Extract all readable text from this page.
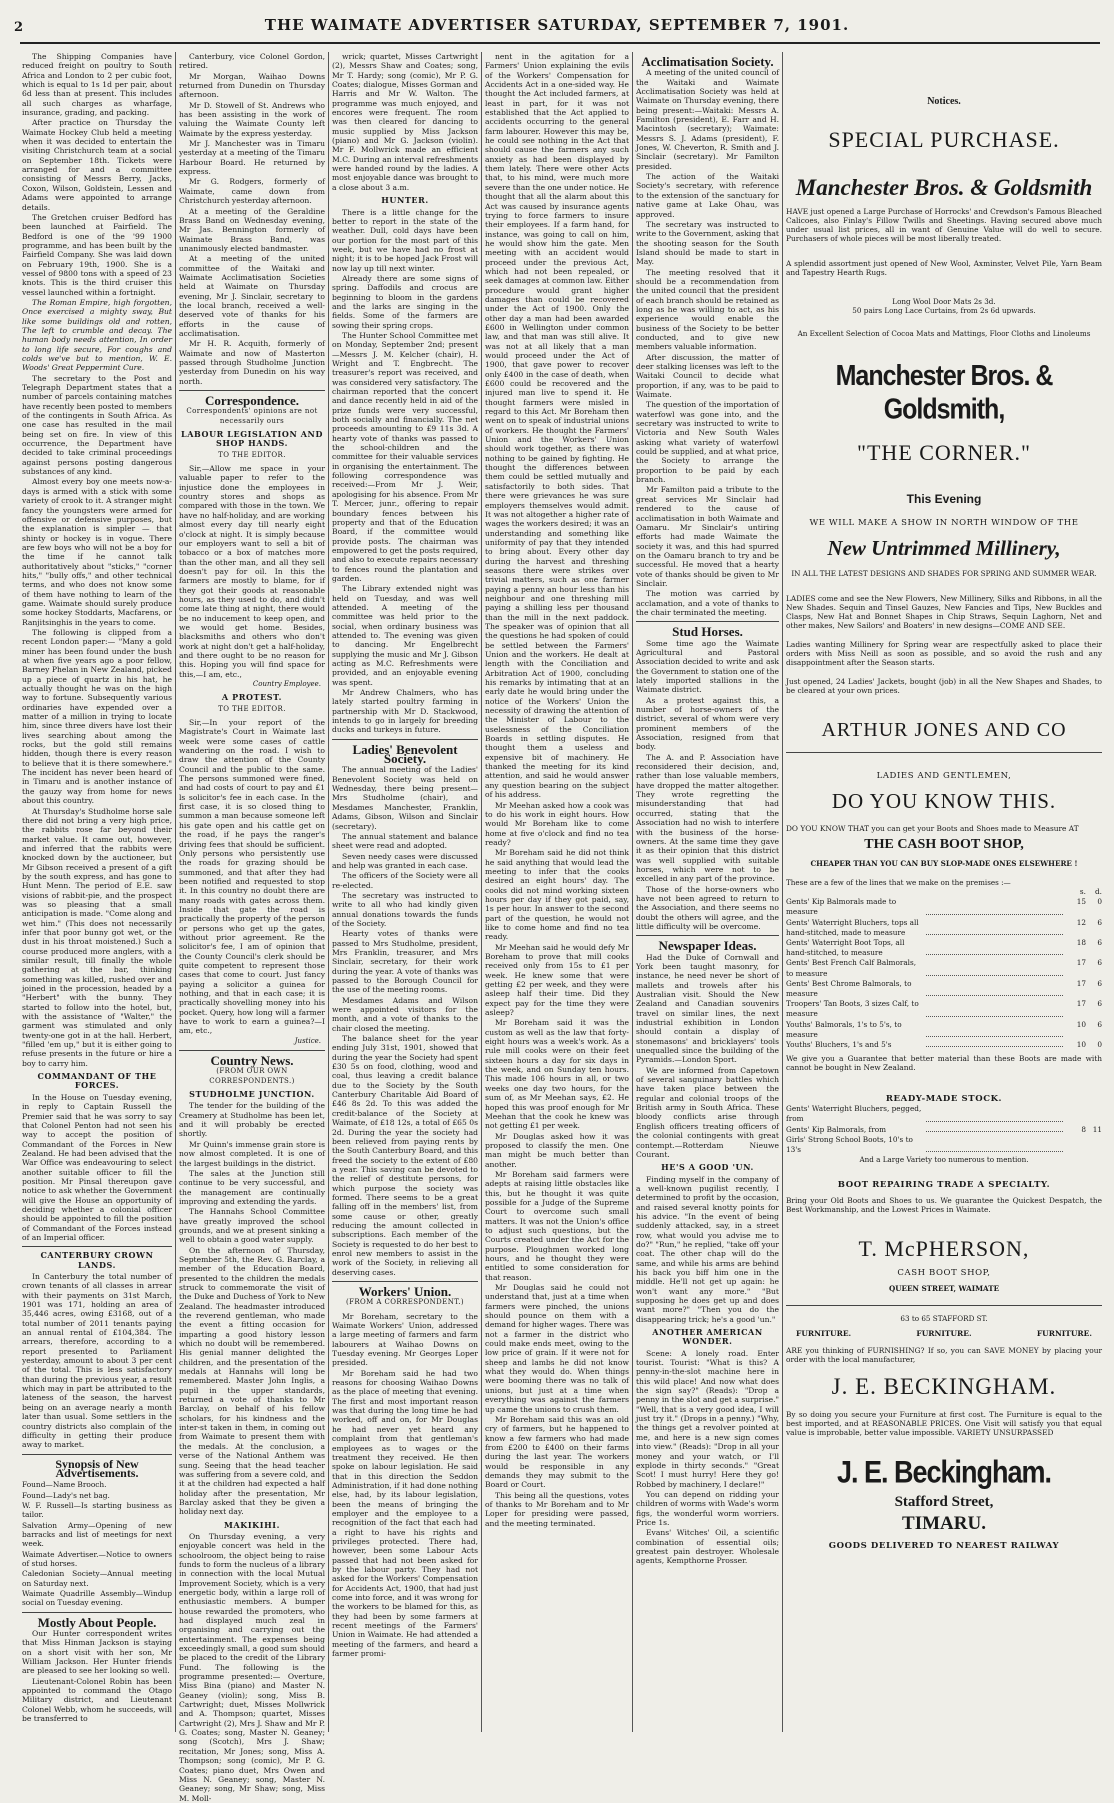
2	THE WAIMATE ADVERTISER SATURDAY, SEPTEMBER 7, 1901.

The Shipping Companies have reduced freight on poultry to South Africa and London to 2 per cubic foot, which is equal to 1s 1d per pair, about 6d less than at present. This includes all such charges as wharfage, insurance, grading, and packing.

After practice on Thursday the Waimate Hockey Club held a meeting when it was decided to entertain the visiting Christchurch team at a social on September 18th. Tickets were arranged for and a committee consisting of Messrs Berry, Jacks, Coxon, Wilson, Goldstein, Lessen and Adams were appointed to arrange details.

The Gretchen cruiser Bedford has been launched at Fairfield. The Bedford is one of the '99 1900 programme, and has been built by the Fairfield Company. She was laid down on February 19th, 1900. She is a vessel of 9800 tons with a speed of 23 knots. This is the third cruiser this vessel launched within a fortnight.

The Roman Empire, high forgotten, Once exercised a mighty sway, But like some buildings old and rotten, The left to crumble and decay. The human body needs attention, In order to long life secure, For coughs and colds we've but to mention, W. E. Woods' Great Peppermint Cure.

The secretary to the Post and Telegraph Department states that a number of parcels containing matches have recently been posted to members of the contingents in South Africa. As one case has resulted in the mail being set on fire. In view of this occurrence, the Department have decided to take criminal proceedings against persons posting dangerous substances of any kind.

Almost every boy one meets now-a-days is armed with a stick with some variety of crook to it. A stranger might fancy the youngsters were armed for offensive or defensive purposes, but the explanation is simpler — that shinty or hockey is in vogue. There are few boys who will not be a boy for the time if he cannot talk authoritatively about "sticks," "corner hits," "bully offs," and other technical terms, and who does not know some of them have nothing to learn of the game. Waimate should surely produce some hockey Stoddarts, Macfarens, or Ranjitsinghis in the years to come.

The following is clipped from a recent London paper:— "Many a gold miner has been found under the bush at when five years ago a poor fellow, Barney Phelan in New Zealand, picked up a piece of quartz in his hat, he actually thought he was on the high way to fortune. Subsequently various ordinaries have expended over a matter of a million in trying to locate him, since three divers have lost their lives searching about among the rocks, but the gold still remains hidden, though there is every reason to believe that it is there somewhere." The incident has never been heard of in Timaru and is another instance of the gauzy way from home for news about this country.

At Thursday's Studholme horse sale there did not bring a very high price, the rabbits rose far beyond their market value. It came out, however, and inferred that the rabbits were knocked down by the auctioneer, but Mr Gibson received a present of a gift by the south express, and has gone to Hunt Menn. The period of E.E. saw visions of rabbit-pie, and the prospect was so pleasing that a small anticipation is made. "Come along and wet him." (This does not necessarily infer that poor bunny got wet, or the dust in his throat moistened.) Such a course produced more anglers, with a similar result, till finally the whole gathering at the bar, thinking something was killed, rushed over and joined in the procession, headed by a "Herbert" with the bunny. They started to follow into the hotel, but, with the assistance of "Walter," the garment was stimulated and only twenty-one got in at the hall. Herbert, "filled 'em up," but it is either going to refuse presents in the future or hire a boy to carry him.

COMMANDANT OF THE FORCES.

In the House on Tuesday evening, in reply to Captain Russell the Premier said that he was sorry to say that Colonel Penton had not seen his way to accept the position of Commandant of the Forces in New Zealand. He had been advised that the War Office was endeavouring to select another suitable officer to fill the position. Mr Pinsal thereupon gave notice to ask whether the Government will give the House an opportunity of deciding whether a colonial officer should be appointed to fill the position of Commandant of the Forces instead of an Imperial officer.

CANTERBURY CROWN LANDS.

In Canterbury the total number of crown tenants of all classes in arrear with their payments on 31st March, 1901 was 171, holding an area of 35,446 acres, owing £3168, out of a total number of 2011 tenants paying an annual rental of £104,384. The arrears, therefore, according to a report presented to Parliament yesterday, amount to about 3 per cent of the total. This is less satisfactory than during the previous year, a result which may in part be attributed to the lateness of the season, the harvest being on an average nearly a month later than usual. Some settlers in the country districts also complain of the difficulty in getting their produce away to market.

Synopsis of New Advertisements.
Found—Name Brooch.
Found—Lady's net bag.
W. F. Russell—Is starting business as tailor.
Salvation Army—Opening of new barracks and list of meetings for next week.
Waimate Advertiser.—Notice to owners of stud horses.
Caledonian Society—Annual meeting on Saturday next.
Waimate Quadrille Assembly—Windup social on Tuesday evening.
Mostly About People.

Our Hunter correspondent writes that Miss Hinman Jackson is staying on a short visit with her son, Mr William Jackson. Her Hunter friends are pleased to see her looking so well.

Lieutenant-Colonel Robin has been appointed to command the Otago Military district, and Lieutenant Colonel Webb, whom he succeeds, will be transferred to

Canterbury, vice Colonel Gordon, retired.

Mr Morgan, Waihao Downs returned from Dunedin on Thursday afternoon.

Mr D. Stowell of St. Andrews who has been assisting in the work of valuing the Waimate County left Waimate by the express yesterday.

Mr J. Manchester was in Timaru yesterday at a meeting of the Timaru Harbour Board. He returned by express.

Mr G. Rodgers, formerly of Waimate, came down from Christchurch yesterday afternoon.

At a meeting of the Geraldine Brass Band on Wednesday evening, Mr Jas. Bennington formerly of Waimate Brass Band, was unanimously elected bandmaster.

At a meeting of the united committee of the Waitaki and Waimate Acclimatisation Societies held at Waimate on Thursday evening, Mr J. Sinclair, secretary to the local branch, received a well-deserved vote of thanks for his efforts in the cause of acclimatisation.

Mr H. R. Acquith, formerly of Waimate and now of Masterton passed through Studholme Junction yesterday from Dunedin on his way north.

Correspondence.
Correspondents' opinions are not necessarily ours
LABOUR LEGISLATION AND SHOP HANDS.
TO THE EDITOR.

Sir,—Allow me space in your valuable paper to refer to the injustice done the employees in country stores and shops as compared with those in the town. We have no half-holiday, and are working almost every day till nearly eight o'clock at night. It is simply because our employers want to sell a bit of tobacco or a box of matches more than the other man, and all they sell doesn't pay for oil. In this the farmers are mostly to blame, for if they got their goods at reasonable hours, as they used to do, and didn't come late thing at night, there would be no inducement to keep open, and we would get home. Besides, blacksmiths and others who don't work at night don't get a half-holiday, and there ought to be no reason for this. Hoping you will find space for this,—I am, etc.,

Country Employee.
A PROTEST.
TO THE EDITOR.

Sir,—In your report of the Magistrate's Court in Waimate last week were some cases of cattle wandering on the road. I wish to draw the attention of the County Council and the public to the same. The persons summoned were fined, and had costs of court to pay and £1 ls solicitor's fee in each case. In the first case, it is so closed thing to summon a man because someone left his gate open and his cattle get on the road, if he pays the ranger's driving fees that should be sufficient. Only persons who persistently use the roads for grazing should be summoned, and that after they had been notified and requested to stop it. In this country no doubt there are many roads with gates across them. Inside that gate the road is practically the property of the person or persons who get up the gates, without prior agreement. Re the solicitor's fee, I am of opinion that the County Council's clerk should be quite competent to represent those cases that come to court. Just fancy paying a solicitor a guinea for nothing, and that in each case; it is practically shovelling money into his pocket. Query, how long will a farmer have to work to earn a guinea?—I am, etc.,

Justice.
Country News.
(FROM OUR OWN CORRESPONDENTS.)
STUDHOLME JUNCTION.

The tender for the building of the Creamery at Studholme has been let, and it will probably be erected shortly.

Mr Quinn's immense grain store is now almost completed. It is one of the largest buildings in the district.

The sales at the Junction still continue to be very successful, and the management are continually improving and extending the yards.

The Hannahs School Committee have greatly improved the school grounds, and we at present sinking a well to obtain a good water supply.

On the afternoon of Thursday, September 5th, the Rev. G. Barclay, a member of the Education Board, presented to the children the medals struck to commemorate the visit of the Duke and Duchess of York to New Zealand. The headmaster introduced the reverend gentleman, who made the event a fitting occasion for imparting a good history lesson which no doubt will be remembered. His genial manner delighted the children, and the presentation of the medals at Hannahs will long be remembered. Master John Inglis, a pupil in the upper standards, returned a vote of thanks to Mr Barclay, on behalf of his fellow scholars, for his kindness and the inter-st taken in them, in coming out from Waimate to present them with the medals. At the conclusion, a verse of the National Anthem was sung. Seeing that the head teacher was suffering from a severe cold, and it at the children had expected a half holiday after the presentation, Mr Barclay asked that they be given a holiday next day.

MAKIKIHI.

On Thursday evening, a very enjoyable concert was held in the schoolroom, the object being to raise funds to form the nucleus of a library in connection with the local Mutual Improvement Society, which is a very energetic body, within a large roll of enthusiastic members. A bumper house rewarded the promoters, who had displayed much zeal in organising and carrying out the entertainment. The expenses being exceedingly small, a good sum should be placed to the credit of the Library Fund. The following is the programme presented:— Overture, Miss Bina (piano) and Master N. Geaney (violin); song, Miss B. Cartwright; duet, Misses Mollwrick and A. Thompson; quartet, Misses Cartwright (2), Mrs J. Shaw and Mr P. G. Coates; song, Master N. Geaney; song (Scotch), Mrs J. Shaw; recitation, Mr Jones; song, Miss A. Thompson; song (comic), Mr P. G. Coates; piano duet, Mrs Owen and Miss N. Geaney; song, Master N. Geaney; song, Mr Shaw; song, Miss M. Moll-

wrick; quartet, Misses Cartwright (2), Messrs Shaw and Coates; song, Mr T. Hardy; song (comic), Mr P. G. Coates; dialogue, Misses Gorman and Harris and Mr W. Walton. The programme was much enjoyed, and encores were frequent. The room was then cleared for dancing to music supplied by Miss Jackson (piano) and Mr G. Jackson (violin). Mr F. Mollwrick made an efficient M.C. During an interval refreshments were handed round by the ladies. A most enjoyable dance was brought to a close about 3 a.m.

HUNTER.

There is a little change for the better to report in the state of the weather. Dull, cold days have been our portion for the most part of this week, but we have had no frost at night; it is to be hoped Jack Frost will now lay up till next winter.

Already there are some signs of spring. Daffodils and crocus are beginning to bloom in the gardens and the larks are singing in the fields. Some of the farmers are sowing their spring crops.

The Hunter School Committee met on Monday, September 2nd; present—Messrs J. M. Kelcher (chair), H. Wright and T. Engbrecht. The treasurer's report was received, and was considered very satisfactory. The chairman reported that the concert and dance recently held in aid of the prize funds were very successful, both socially and financially. The net proceeds amounting to £9 11s 3d. A hearty vote of thanks was passed to the school-children and the committee for their valuable services in organising the entertainment. The following correspondence was received:—From Mr J. Weir, apologising for his absence. From Mr T. Mercer, junr., offering to repair boundary fences between his property and that of the Education Board, if the committee would provide posts. The chairman was empowered to get the posts required, and also to execute repairs necessary to fences round the plantation and garden.

The Library extended night was held on Tuesday, and was well attended. A meeting of the committee was held prior to the social, when ordinary business was attended to. The evening was given to dancing. Mr Engelbrecht supplying the music and Mr J. Gibson acting as M.C. Refreshments were provided, and an enjoyable evening was spent.

Mr Andrew Chalmers, who has lately started poultry farming in partnership with Mr D. Stackwood, intends to go in largely for breeding ducks and turkeys in future.

Ladies' Benevolent Society.

The annual meeting of the Ladies' Benevolent Society was held on Wednesday, there being present—Mrs Studholme (chair), and Mesdames Manchester, Franklin, Adams, Gibson, Wilson and Sinclair (secretary).

The annual statement and balance sheet were read and adopted.

Seven needy cases were discussed and help was granted in each case.

The officers of the Society were all re-elected.

The secretary was instructed to write to all who had kindly given annual donations towards the funds of the Society.

Hearty votes of thanks were passed to Mrs Studholme, president, Mrs Franklin, treasurer, and Mrs Sinclair, secretary, for their work during the year. A vote of thanks was passed to the Borough Council for the use of the meeting rooms.

Mesdames Adams and Wilson were appointed visitors for the month, and a vote of thanks to the chair closed the meeting.

The balance sheet for the year ending July 31st, 1901, showed that during the year the Society had spent £30 5s on food, clothing, wood and coal, thus leaving a credit balance due to the Society by the South Canterbury Charitable Aid Board of £46 8s 2d. To this was added the credit-balance of the Society at Waimate, of £18 12s, a total of £65 0s 2d. During the year the society had been relieved from paying rents by the South Canterbury Board, and this freed the society to the extent of £80 a year. This saving can be devoted to the relief of destitute persons, for which purpose the society was formed. There seems to be a great falling off in the members' list, from some cause or other, greatly reducing the amount collected in subscriptions. Each member of the Society is requested to do her best to enrol new members to assist in the work of the Society, in relieving all deserving cases.

Workers' Union.
(FROM A CORRESPONDENT.)

Mr Boreham, secretary to the Waimate Workers' Union, addressed a large meeting of farmers and farm labourers at Waihao Downs on Tuesday evening. Mr Georges Loper presided.

Mr Boreham said he had two reasons for choosing Waihao Downs as the place of meeting that evening. The first and most important reason was that during the long time he had worked, off and on, for Mr Douglas he had never yet heard any complaint from that gentleman's employees as to wages or the treatment they received. He then spoke on labour legislation. He said that in this direction the Seddon Administration, if it had done nothing else, had, by its labour legislation, been the means of bringing the employer and the employee to a recognition of the fact that each had a right to have his rights and privileges protected. There had, however, been some Labour Acts passed that had not been asked for by the labour party. They had not asked for the Workers' Compensation for Accidents Act, 1900, that had just come into force, and it was wrong for the workers to be blamed for this, as they had been by some farmers at recent meetings of the Farmers' Union in Waimate. He had attended a meeting of the farmers, and heard a farmer promi-

nent in the agitation for a Farmers' Union explaining the evils of the Workers' Compensation for Accidents Act in a one-sided way. He thought the Act included farmers, at least in part, for it was not established that the Act applied to accidents occurring to the general farm labourer. However this may be, he could see nothing in the Act that should cause the farmers any such anxiety as had been displayed by them lately. There were other Acts that, to his mind, were much more severe than the one under notice. He thought that all the alarm about this Act was caused by insurance agents trying to force farmers to insure their employees. If a farm hand, for instance, was going to call on him, he would show him the gate. Men meeting with an accident would proceed under the previous Act, which had not been repealed, or seek damages at common law. Either procedure would grant higher damages than could be recovered under the Act of 1900. Only the other day a man had been awarded £600 in Wellington under common law, and that man was still alive. It was not at all likely that a man would proceed under the Act of 1900, that gave power to recover only £400 in the case of death, when £600 could be recovered and the injured man live to spend it. He thought farmers were misled in regard to this Act. Mr Boreham then went on to speak of industrial unions of workers. He thought the Farmers' Union and the Workers' Union should work together, as there was nothing to be gained by fighting. He thought the differences between them could be settled mutually and satisfactorily to both sides. That there were grievances he was sure employers themselves would admit. It was not altogether a higher rate of wages the workers desired; it was an understanding and something like uniformity of pay that they intended to bring about. Every other day during the harvest and threshing seasons there were strikes over trivial matters, such as one farmer paying a penny an hour less than his neighbour and one threshing mill paying a shilling less per thousand than the mill in the next paddock. The speaker was of opinion that all the questions he had spoken of could be settled between the Farmers' Union and the workers. He dealt at length with the Conciliation and Arbitration Act of 1900, concluding his remarks by intimating that at an early date he would bring under the notice of the Workers' Union the necessity of drawing the attention of the Minister of Labour to the uselessness of the Conciliation Boards in settling disputes. He thought them a useless and expensive bit of machinery. He thanked the meeting for its kind attention, and said he would answer any question bearing on the subject of his address.

Mr Meehan asked how a cook was to do his work in eight hours. How would Mr Boreham like to come home at five o'clock and find no tea ready?

Mr Boreham said he did not think he said anything that would lead the meeting to infer that the cooks desired an eight hours' day. The cooks did not mind working sixteen hours per day if they got paid, say, 1s per hour. In answer to the second part of the question, he would not like to come home and find no tea ready.

Mr Meehan said he would defy Mr Boreham to prove that mill cooks received only from 15s to £1 per week. He knew some that were getting £2 per week, and they were asleep half their time. Did they expect pay for the time they were asleep?

Mr Boreham said it was the custom as well as the law that forty-eight hours was a week's work. As a rule mill cooks were on their feet sixteen hours a day for six days in the week, and on Sunday ten hours. This made 106 hours in all, or two weeks one day two hours, for the sum of, as Mr Meehan says, £2. He hoped this was proof enough for Mr Meehan that the cook he knew was not getting £1 per week.

Mr Douglas asked how it was proposed to classify the men. One man might be much better than another.

Mr Boreham said farmers were adepts at raising little obstacles like this, but he thought it was quite possible for a Judge of the Supreme Court to overcome such small matters. It was not the Union's office to adjust such questions, but the Courts created under the Act for the purpose. Ploughmen worked long hours, and he thought they were entitled to some consideration for that reason.

Mr Douglas said he could not understand that, just at a time when farmers were pinched, the unions should pounce on them with a demand for higher wages. There was not a farmer in the district who could make ends meet, owing to the low price of grain. If it were not for sheep and lambs he did not know what they would do. When things were booming there was no talk of unions, but just at a time when everything was against the farmers up came the unions to crush them.

Mr Boreham said this was an old cry of farmers, but he happened to know a few farmers who had made from £200 to £400 on their farms during the last year. The workers would be responsible in any demands they may submit to the Board or Court.

This being all the questions, votes of thanks to Mr Boreham and to Mr Loper for presiding were passed, and the meeting terminated.

Acclimatisation Society.

A meeting of the united council of the Waitaki and Waimate Acclimatisation Society was held at Waimate on Thursday evening, there being present:—Waitaki: Messrs A. Familton (president), E. Farr and H. Macintosh (secretary); Waimate: Messrs S. J. Adams (president), F. Jones, W. Cheverton, R. Smith and J. Sinclair (secretary). Mr Familton presided.

The action of the Waitaki Society's secretary, with reference to the extension of the sanctuary for native game at Lake Ohau, was approved.

The secretary was instructed to write to the Government, asking that the shooting season for the South Island should be made to start in May.

The meeting resolved that it should be a recommendation from the united council that the president of each branch should be retained as long as he was willing to act, as his experience would enable the business of the Society to be better conducted, and to give new members valuable information.

After discussion, the matter of deer stalking licenses was left to the Waitaki Council to decide what proportion, if any, was to be paid to Waimate.

The question of the importation of waterfowl was gone into, and the secretary was instructed to write to Victoria and New South Wales asking what variety of waterfowl could be supplied, and at what price, the Society to arrange the proportion to be paid by each branch.

Mr Familton paid a tribute to the great services Mr Sinclair had rendered to the cause of acclimatisation in both Waimate and Oamaru. Mr Sinclair's untiring efforts had made Waimate the society it was, and this had spurred on the Oamaru branch to try and be successful. He moved that a hearty vote of thanks should be given to Mr Sinclair.

The motion was carried by acclamation, and a vote of thanks to the chair terminated the meeting.

Stud Horses.

Some time ago the Waimate Agricultural and Pastoral Association decided to write and ask the Government to station one of the lately imported stallions in the Waimate district.

As a protest against this, a number of horse-owners of the district, several of whom were very prominent members of the Association, resigned from that body.

The A. and P. Association have reconsidered their decision, and, rather than lose valuable members, have dropped the matter altogether. They wrote regretting the misunderstanding that had occurred, stating that the Association had no wish to interfere with the business of the horse-owners. At the same time they gave it as their opinion that this district was well supplied with suitable horses, which were not to be excelled in any part of the province.

Those of the horse-owners who have not been agreed to return to the Association, and there seems no doubt the others will agree, and the little difficulty will be overcome.

Newspaper Ideas.

Had the Duke of Cornwall and York been taught masonry, for instance, he need never be short of mallets and trowels after his Australian visit. Should the New Zealand and Canadian souvenirs travel on similar lines, the next industrial exhibition in London should contain a display of stonemasons' and bricklayers' tools unequalled since the building of the Pyramids.—London Sport.

We are informed from Capetown of several sanguinary battles which have taken place between the regular and colonial troops of the British army in South Africa. These bloody conflicts arise through English officers treating officers of the colonial contingents with great contempt.—Rotterdam Nieuwe Courant.

HE'S A GOOD 'UN.

Finding myself in the company of a well-known pugilist recently, I determined to profit by the occasion, and raised several knotty points for his advice. "In the event of being suddenly attacked, say, in a street row, what would you advise me to do?" "Run," he replied, "take off your coat. The other chap will do the same, and while his arms are behind his back you biff him one in the middle. He'll not get up again: he won't want any more." "But supposing he does get up and does want more?" "Then you do the disappearing trick; he's a good 'un."

ANOTHER AMERICAN WONDER.

Scene: A lonely road. Enter tourist. Tourist: "What is this? A penny-in-the-slot machine here in this wild place! And now what does the sign say?" (Reads): "Drop a penny in the slot and get a surprise." "Well, that is a very good idea, I will just try it." (Drops in a penny.) "Why, the things get a revolver pointed at me, and here is a new sign comes into view." (Reads): "Drop in all your money and your watch, or I'll explode in thirty seconds." "Great Scot! I must hurry! Here they go! Robbed by machinery, I declare!"

You can depend on ridding your children of worms with Wade's worm figs, the wonderful worm worriers. Price 1s.

Evans' Witches' Oil, a scientific combination of essential oils; greatest pain destroyer. Wholesale agents, Kempthorne Prosser.

Notices.
SPECIAL PURCHASE.
Manchester Bros. & Goldsmith
HAVE just opened a Large Purchase of Horrocks' and Crewdson's Famous Bleached Calicoes, also Finlay's Fillow Twills and Sheetings. Having secured above much under usual list prices, all in want of Genuine Value will do well to secure. Purchasers of whole pieces will be most liberally treated.
A splendid assortment just opened of New Wool, Axminster, Velvet Pile, Yarn Beam and Tapestry Hearth Rugs.
Long Wool Door Mats 2s 3d.
50 pairs Long Lace Curtains, from 2s 6d upwards.
An Excellent Selection of Cocoa Mats and Mattings, Floor Cloths and Linoleums
Manchester Bros. & Goldsmith,
"THE CORNER."
This Evening
WE WILL MAKE A SHOW IN NORTH WINDOW OF THE
New Untrimmed Millinery,
IN ALL THE LATEST DESIGNS AND SHADES FOR SPRING AND SUMMER WEAR.
LADIES come and see the New Flowers, New Millinery, Silks and Ribbons, in all the New Shades. Sequin and Tinsel Gauzes, New Fancies and Tips, New Buckles and Clasps, New Hat and Bonnet Shapes in Chip Straws, Sequin Laghorn, Net and other makes, New Sailors' and Boaters' in new designs—COME AND SEE.
Ladies wanting Millinery for Spring wear are respectfully asked to place their orders with Miss Neill as soon as possible, and so avoid the rush and any disappointment after the Season starts.
Just opened, 24 Ladies' Jackets, bought (job) in all the New Shapes and Shades, to be cleared at your own prices.
ARTHUR JONES AND CO
LADIES AND GENTLEMEN,
DO YOU KNOW THIS.
DO YOU KNOW THAT you can get your Boots and Shoes made to Measure AT
THE CASH BOOT SHOP,
CHEAPER THAN YOU CAN BUY SLOP-MADE ONES ELSEWHERE !
These are a few of the lines that we make on the premises :—
s.	d.
Gents' Kip Balmorals made to measure
15	0
Gents' Waterright Bluchers, tops all hand-stitched, made to measure
12	6
Gents' Waterright Boot Tops, all hand-stitched, to measure
18	6
Gents' Best French Calf Balmorals, to measure
17	6
Gents' Best Chrome Balmorals, to measure
17	6
Troopers' Tan Boots, 3 sizes Calf, to measure
17	6
Youths' Balmorals, 1's to 5's, to measure
10	6
Youths' Bluchers, 1's and 5's	10	0
We give you a Guarantee that better material than these Boots are made with cannot be bought in New Zealand.
READY-MADE STOCK.
Gents' Waterright Bluchers, pegged, from
Gents' Kip Balmorals, from	8 11
Girls' Strong School Boots, 10's to 13's
And a Large Variety too numerous to mention.
BOOT REPAIRING TRADE A SPECIALTY.
Bring your Old Boots and Shoes to us. We guarantee the Quickest Despatch, the Best Workmanship, and the Lowest Prices in Waimate.
T. McPHERSON,
CASH BOOT SHOP,
QUEEN STREET, WAIMATE
63 to 65 STAFFORD ST.
FURNITURE.	FURNITURE.	FURNITURE.
ARE you thinking of FURNISHING? If so, you can SAVE MONEY by placing your order with the local manufacturer,
J. E. BECKINGHAM.
By so doing you secure your Furniture at first cost. The Furniture is equal to the best imported, and at REASONABLE PRICES. One Visit will satisfy you that equal value is improbable, better value impossible. VARIETY UNSURPASSED
J. E. Beckingham.
Stafford Street,
TIMARU.
GOODS DELIVERED TO NEAREST RAILWAY
